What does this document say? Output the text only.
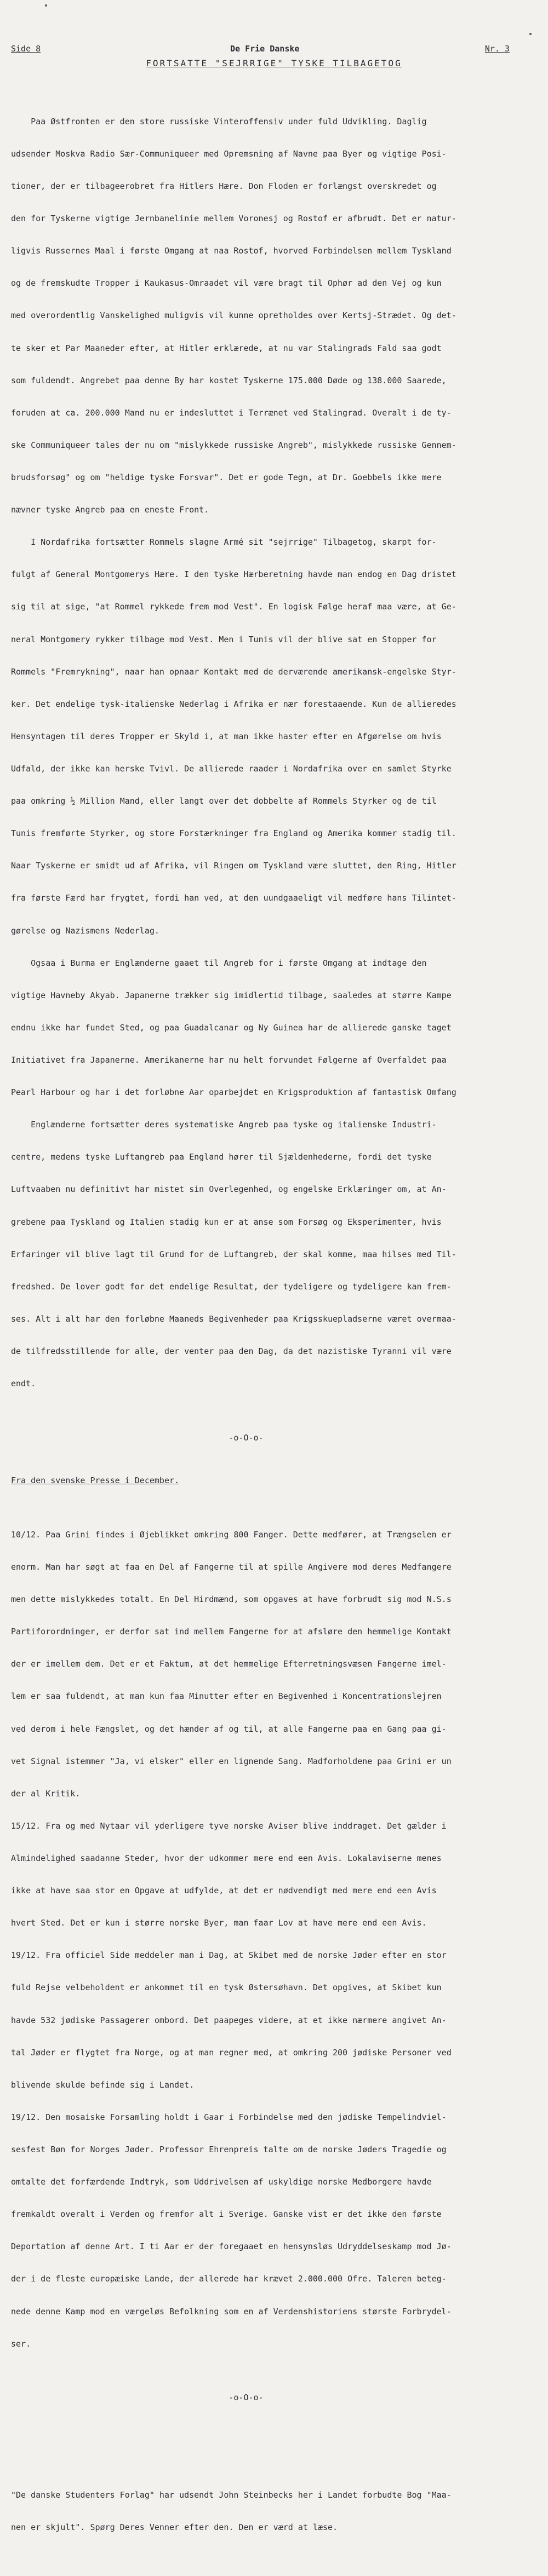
Side 8	De Frie Danske	Nr. 3
FORTSATTE "SEJRRIGE" TYSKE TILBAGETOG

Paa Østfronten er den store russiske Vinteroffensiv under fuld Udvikling. Daglig

udsender Moskva Radio Sær-Communiqueer med Opremsning af Navne paa Byer og vigtige Posi-

tioner, der er tilbageerobret fra Hitlers Hære. Don Floden er forlængst overskredet og

den for Tyskerne vigtige Jernbanelinie mellem Voronesj og Rostof er afbrudt. Det er natur-

ligvis Russernes Maal i første Omgang at naa Rostof, hvorved Forbindelsen mellem Tyskland

og de fremskudte Tropper i Kaukasus-Omraadet vil være bragt til Ophør ad den Vej og kun

med overordentlig Vanskelighed muligvis vil kunne opretholdes over Kertsj-Strædet. Og det-

te sker et Par Maaneder efter, at Hitler erklærede, at nu var Stalingrads Fald saa godt

som fuldendt. Angrebet paa denne By har kostet Tyskerne 175.000 Døde og 138.000 Saarede,

foruden at ca. 200.000 Mand nu er indesluttet i Terrænet ved Stalingrad. Overalt i de ty-

ske Communiqueer tales der nu om "mislykkede russiske Angreb", mislykkede russiske Gennem-

brudsforsøg" og om "heldige tyske Forsvar". Det er gode Tegn, at Dr. Goebbels ikke mere

nævner tyske Angreb paa en eneste Front.

I Nordafrika fortsætter Rommels slagne Armé sit "sejrrige" Tilbagetog, skarpt for-

fulgt af General Montgomerys Hære. I den tyske Hærberetning havde man endog en Dag dristet

sig til at sige, "at Rommel rykkede frem mod Vest". En logisk Følge heraf maa være, at Ge-

neral Montgomery rykker tilbage mod Vest. Men i Tunis vil der blive sat en Stopper for

Rommels "Fremrykning", naar han opnaar Kontakt med de derværende amerikansk-engelske Styr-

ker. Det endelige tysk-italienske Nederlag i Afrika er nær forestaaende. Kun de allieredes

Hensyntagen til deres Tropper er Skyld i, at man ikke haster efter en Afgørelse om hvis

Udfald, der ikke kan herske Tvivl. De allierede raader i Nordafrika over en samlet Styrke

paa omkring ½ Million Mand, eller langt over det dobbelte af Rommels Styrker og de til

Tunis fremførte Styrker, og store Forstærkninger fra England og Amerika kommer stadig til.

Naar Tyskerne er smidt ud af Afrika, vil Ringen om Tyskland være sluttet, den Ring, Hitler

fra første Færd har frygtet, fordi han ved, at den uundgaaeligt vil medføre hans Tilintet-

gørelse og Nazismens Nederlag.

Ogsaa i Burma er Englænderne gaaet til Angreb for i første Omgang at indtage den

vigtige Havneby Akyab. Japanerne trækker sig imidlertid tilbage, saaledes at større Kampe

endnu ikke har fundet Sted, og paa Guadalcanar og Ny Guinea har de allierede ganske taget

Initiativet fra Japanerne. Amerikanerne har nu helt forvundet Følgerne af Overfaldet paa

Pearl Harbour og har i det forløbne Aar oparbejdet en Krigsproduktion af fantastisk Omfang

Englænderne fortsætter deres systematiske Angreb paa tyske og italienske Industri-

centre, medens tyske Luftangreb paa England hører til Sjældenhederne, fordi det tyske

Luftvaaben nu definitivt har mistet sin Overlegenhed, og engelske Erklæringer om, at An-

grebene paa Tyskland og Italien stadig kun er at anse som Forsøg og Eksperimenter, hvis

Erfaringer vil blive lagt til Grund for de Luftangreb, der skal komme, maa hilses med Til-

fredshed. De lover godt for det endelige Resultat, der tydeligere og tydeligere kan frem-

ses. Alt i alt har den forløbne Maaneds Begivenheder paa Krigsskuepladserne været overmaa-

de tilfredsstillende for alle, der venter paa den Dag, da det nazistiske Tyranni vil være

endt.

-o-O-o-

Fra den svenske Presse i December.

10/12. Paa Grini findes i Øjeblikket omkring 800 Fanger. Dette medfører, at Trængselen er

enorm. Man har søgt at faa en Del af Fangerne til at spille Angivere mod deres Medfangere

men dette mislykkedes totalt. En Del Hirdmænd, som opgaves at have forbrudt sig mod N.S.s

Partiforordninger, er derfor sat ind mellem Fangerne for at afsløre den hemmelige Kontakt

der er imellem dem. Det er et Faktum, at det hemmelige Efterretningsvæsen Fangerne imel-

lem er saa fuldendt, at man kun faa Minutter efter en Begivenhed i Koncentrationslejren

ved derom i hele Fængslet, og det hænder af og til, at alle Fangerne paa en Gang paa gi-

vet Signal istemmer "Ja, vi elsker" eller en lignende Sang. Madforholdene paa Grini er un

der al Kritik.

15/12. Fra og med Nytaar vil yderligere tyve norske Aviser blive inddraget. Det gælder i

Almindelighed saadanne Steder, hvor der udkommer mere end een Avis. Lokalaviserne menes

ikke at have saa stor en Opgave at udfylde, at det er nødvendigt med mere end een Avis

hvert Sted. Det er kun i større norske Byer, man faar Lov at have mere end een Avis.

19/12. Fra officiel Side meddeler man i Dag, at Skibet med de norske Jøder efter en stor

fuld Rejse velbeholdent er ankommet til en tysk Østersøhavn. Det opgives, at Skibet kun

havde 532 jødiske Passagerer ombord. Det paapeges videre, at et ikke nærmere angivet An-

tal Jøder er flygtet fra Norge, og at man regner med, at omkring 200 jødiske Personer ved

blivende skulde befinde sig i Landet.

19/12. Den mosaiske Forsamling holdt i Gaar i Forbindelse med den jødiske Tempelindviel-

sesfest Bøn for Norges Jøder. Professor Ehrenpreis talte om de norske Jøders Tragedie og

omtalte det forfærdende Indtryk, som Uddrivelsen af uskyldige norske Medborgere havde

fremkaldt overalt i Verden og fremfor alt i Sverige. Ganske vist er det ikke den første

Deportation af denne Art. I ti Aar er der foregaaet en hensynsløs Udryddelseskamp mod Jø-

der i de fleste europæiske Lande, der allerede har krævet 2.000.000 Ofre. Taleren beteg-

nede denne Kamp mod en værgeløs Befolkning som en af Verdenshistoriens største Forbrydel-

ser.

-o-O-o-

"De danske Studenters Forlag" har udsendt John Steinbecks her i Landet forbudte Bog "Maa-

nen er skjult". Spørg Deres Venner efter den. Den er værd at læse.
